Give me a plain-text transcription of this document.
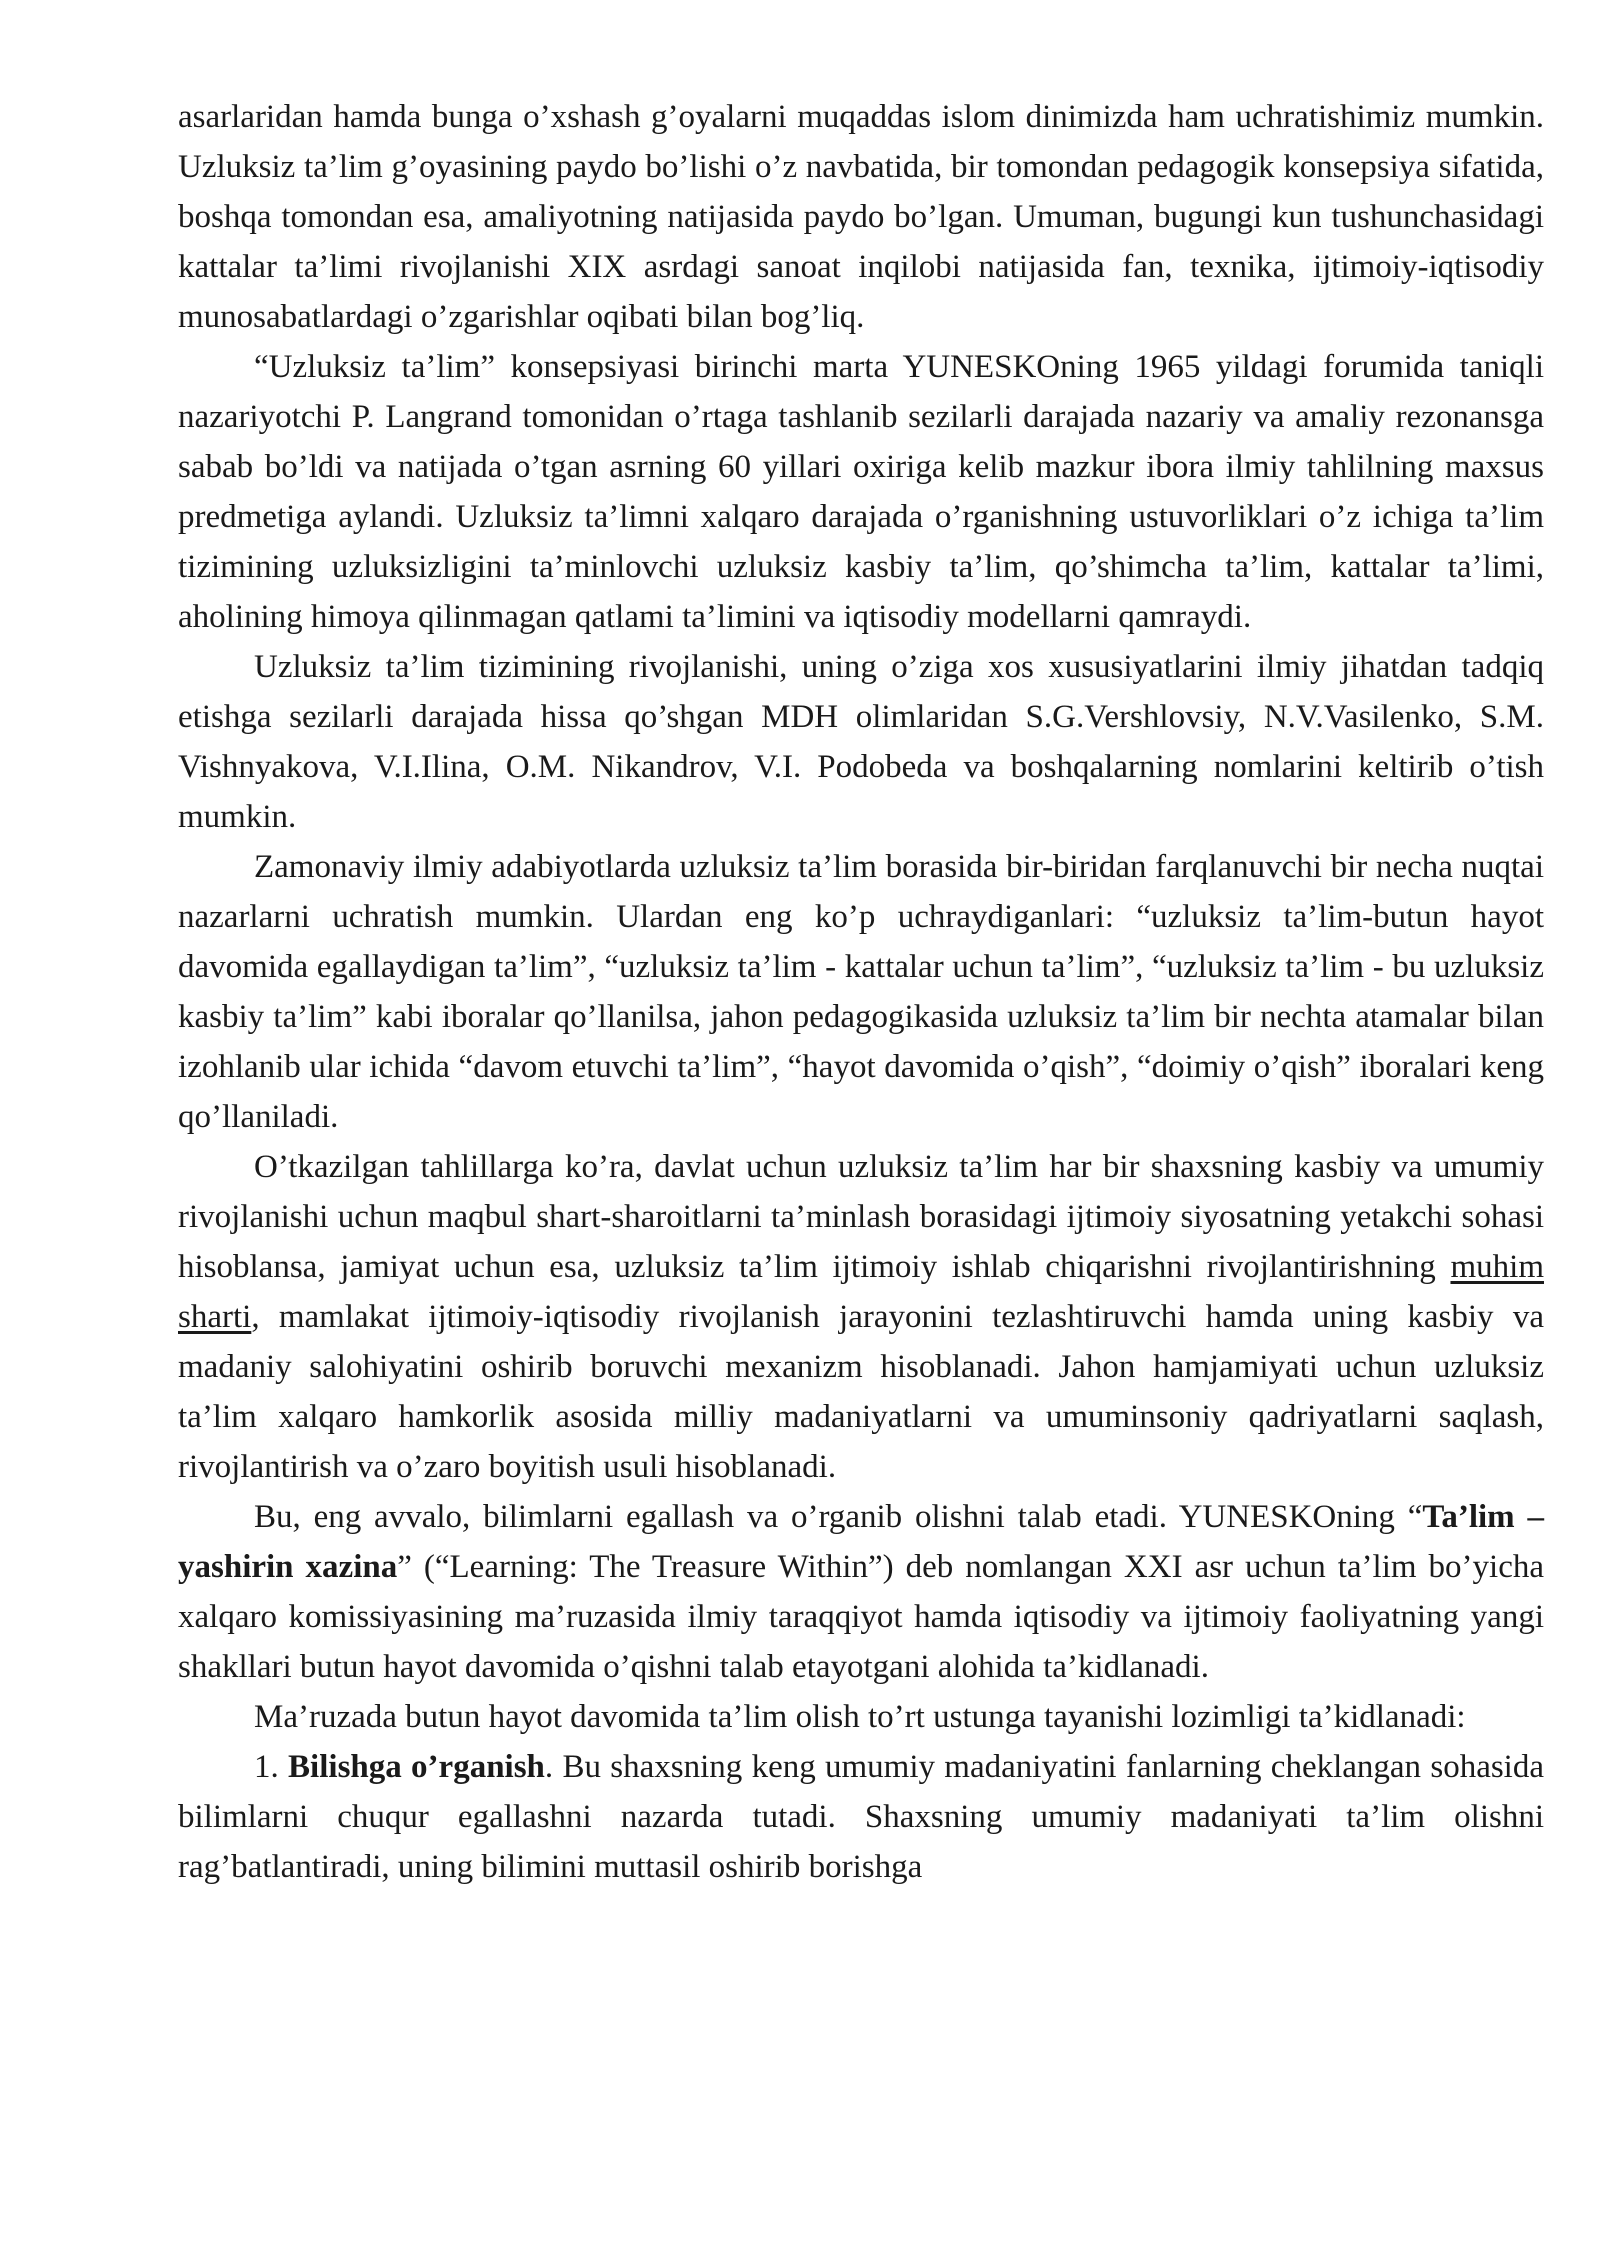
asarlaridan hamda bunga o’xshash g’oyalarni muqaddas islom dinimizda ham uchratishimiz mumkin. Uzluksiz ta’lim g’oyasining paydo bo’lishi o’z navbatida, bir tomondan pedagogik konsepsiya sifatida, boshqa tomondan esa, amaliyotning natijasida paydo bo’lgan. Umuman, bugungi kun tushunchasidagi kattalar ta’limi rivojlanishi XIX asrdagi sanoat inqilobi natijasida fan, texnika, ijtimoiy-iqtisodiy munosabatlardagi o’zgarishlar oqibati bilan bog’liq.

“Uzluksiz ta’lim” konsepsiyasi birinchi marta YUNESKOning 1965 yildagi forumida taniqli nazariyotchi P. Langrand tomonidan o’rtaga tashlanib sezilarli darajada nazariy va amaliy rezonansga sabab bo’ldi va natijada o’tgan asrning 60 yillari oxiriga kelib mazkur ibora ilmiy tahlilning maxsus predmetiga aylandi. Uzluksiz ta’limni xalqaro darajada o’rganishning ustuvorliklari o’z ichiga ta’lim tizimining uzluksizligini ta’minlovchi uzluksiz kasbiy ta’lim, qo’shimcha ta’lim, kattalar ta’limi, aholining himoya qilinmagan qatlami ta’limini va iqtisodiy modellarni qamraydi.

Uzluksiz ta’lim tizimining rivojlanishi, uning o’ziga xos xususiyatlarini ilmiy jihatdan tadqiq etishga sezilarli darajada hissa qo’shgan MDH olimlaridan S.G.Vershlovsiy, N.V.Vasilenko, S.M. Vishnyakova, V.I.Ilina, O.M. Nikandrov, V.I. Podobeda va boshqalarning nomlarini keltirib o’tish mumkin.

Zamonaviy ilmiy adabiyotlarda uzluksiz ta’lim borasida bir-biridan farqlanuvchi bir necha nuqtai nazarlarni uchratish mumkin. Ulardan eng ko’p uchraydiganlari: “uzluksiz ta’lim-butun hayot davomida egallaydigan ta’lim”, “uzluksiz ta’lim - kattalar uchun ta’lim”, “uzluksiz ta’lim - bu uzluksiz kasbiy ta’lim” kabi iboralar qo’llanilsa, jahon pedagogikasida uzluksiz ta’lim bir nechta atamalar bilan izohlanib ular ichida “davom etuvchi ta’lim”, “hayot davomida o’qish”, “doimiy o’qish” iboralari keng qo’llaniladi.

O’tkazilgan tahlillarga ko’ra, davlat uchun uzluksiz ta’lim har bir shaxsning kasbiy va umumiy rivojlanishi uchun maqbul shart-sharoitlarni ta’minlash borasidagi ijtimoiy siyosatning yetakchi sohasi hisoblansa, jamiyat uchun esa, uzluksiz ta’lim ijtimoiy ishlab chiqarishni rivojlantirishning muhim sharti, mamlakat ijtimoiy-iqtisodiy rivojlanish jarayonini tezlashtiruvchi hamda uning kasbiy va madaniy salohiyatini oshirib boruvchi mexanizm hisoblanadi. Jahon hamjamiyati uchun uzluksiz ta’lim xalqaro hamkorlik asosida milliy madaniyatlarni va umuminsoniy qadriyatlarni saqlash, rivojlantirish va o’zaro boyitish usuli hisoblanadi.

Bu, eng avvalo, bilimlarni egallash va o’rganib olishni talab etadi. YUNESKOning “Ta’lim – yashirin xazina” (“Learning: The Treasure Within”) deb nomlangan XXI asr uchun ta’lim bo’yicha xalqaro komissiyasining ma’ruzasida ilmiy taraqqiyot hamda iqtisodiy va ijtimoiy faoliyatning yangi shakllari butun hayot davomida o’qishni talab etayotgani alohida ta’kidlanadi.

Ma’ruzada butun hayot davomida ta’lim olish to’rt ustunga tayanishi lozimligi ta’kidlanadi:

1. Bilishga o’rganish. Bu shaxsning keng umumiy madaniyatini fanlarning cheklangan sohasida bilimlarni chuqur egallashni nazarda tutadi. Shaxsning umumiy madaniyati ta’lim olishni rag’batlantiradi, uning bilimini muttasil oshirib borishga
